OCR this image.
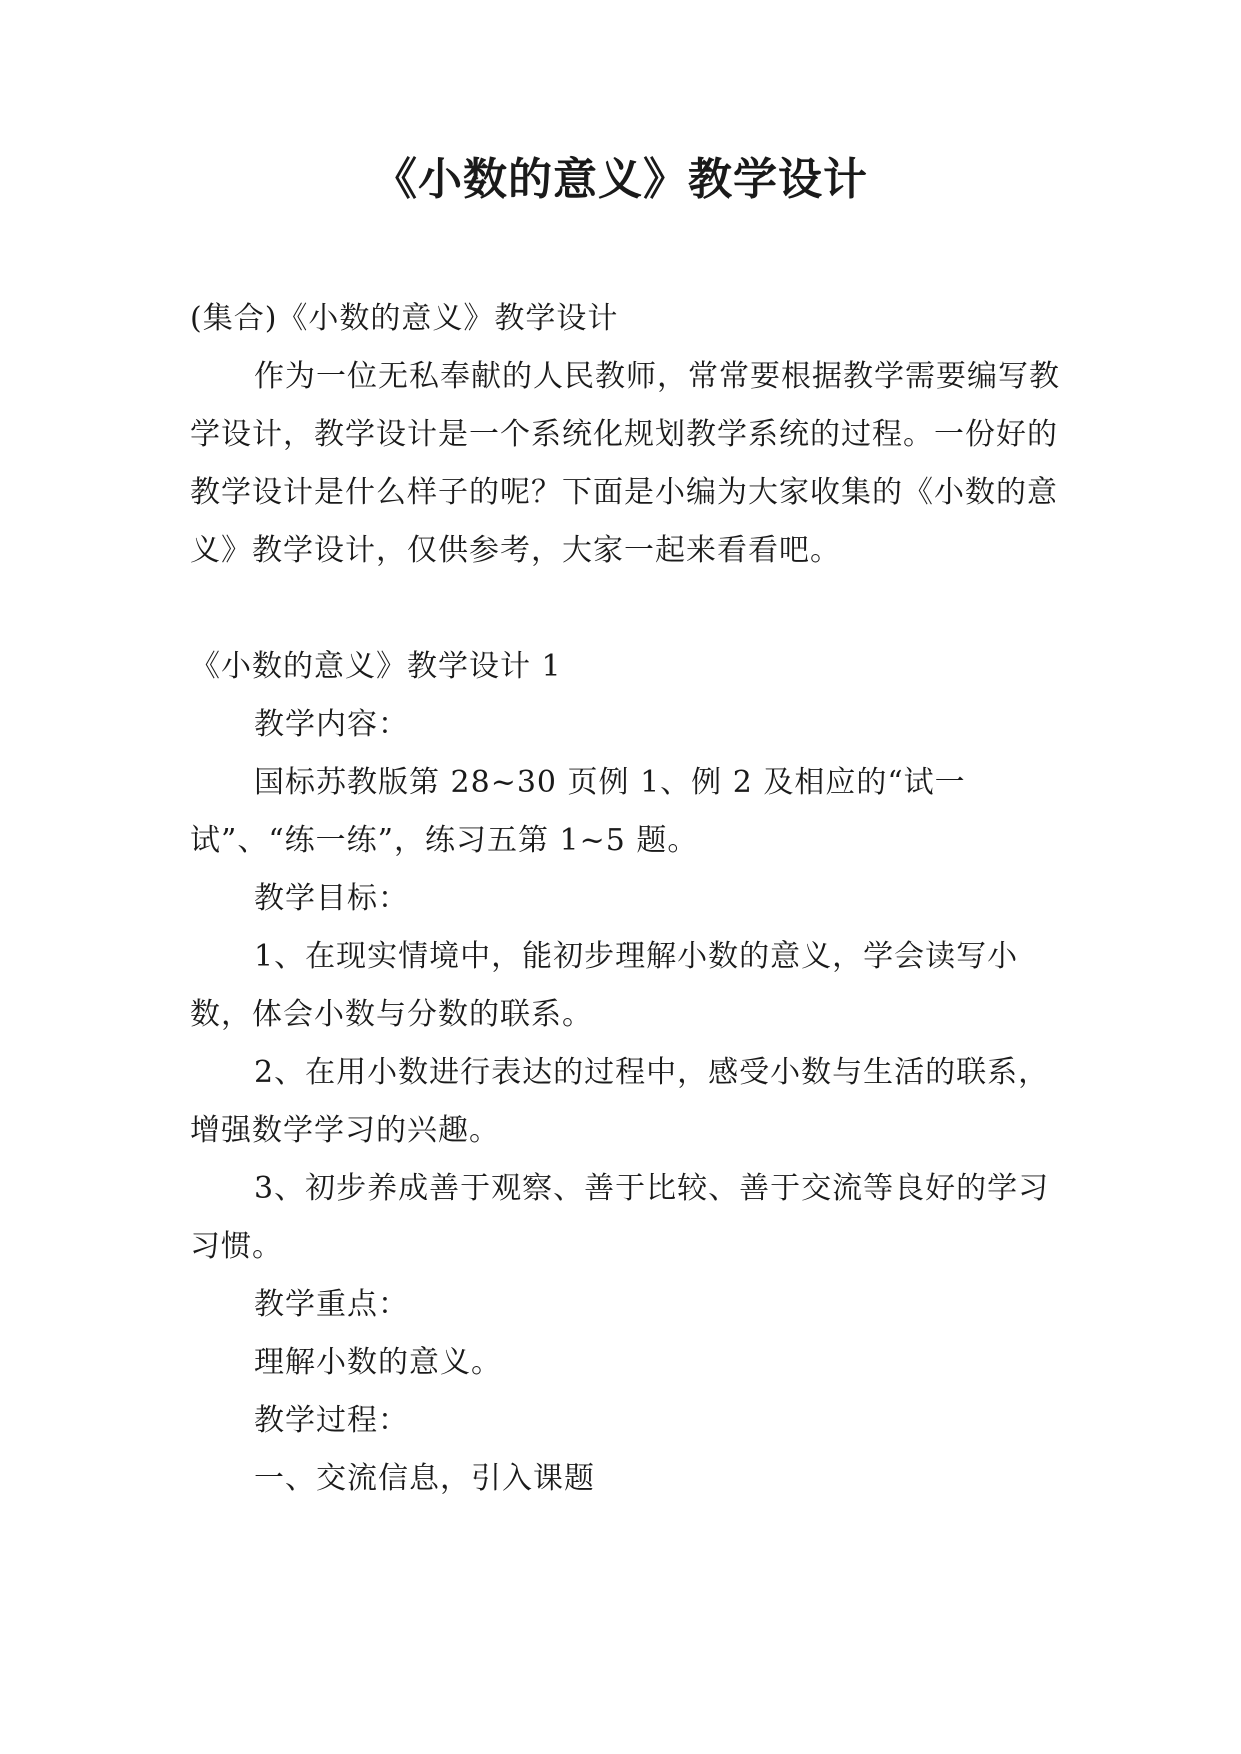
《小数的意义》教学设计

(集合)《小数的意义》教学设计

作为一位无私奉献的人民教师，常常要根据教学需要编写教学设计，教学设计是一个系统化规划教学系统的过程。一份好的教学设计是什么样子的呢？下面是小编为大家收集的《小数的意义》教学设计，仅供参考，大家一起来看看吧。

《小数的意义》教学设计 1

教学内容：

国标苏教版第 28~30 页例 1、例 2 及相应的“试一试”、“练一练”，练习五第 1~5 题。

教学目标：

1、在现实情境中，能初步理解小数的意义，学会读写小数，体会小数与分数的联系。

2、在用小数进行表达的过程中，感受小数与生活的联系，增强数学学习的兴趣。

3、初步养成善于观察、善于比较、善于交流等良好的学习习惯。

教学重点：

理解小数的意义。

教学过程：

一、交流信息，引入课题
